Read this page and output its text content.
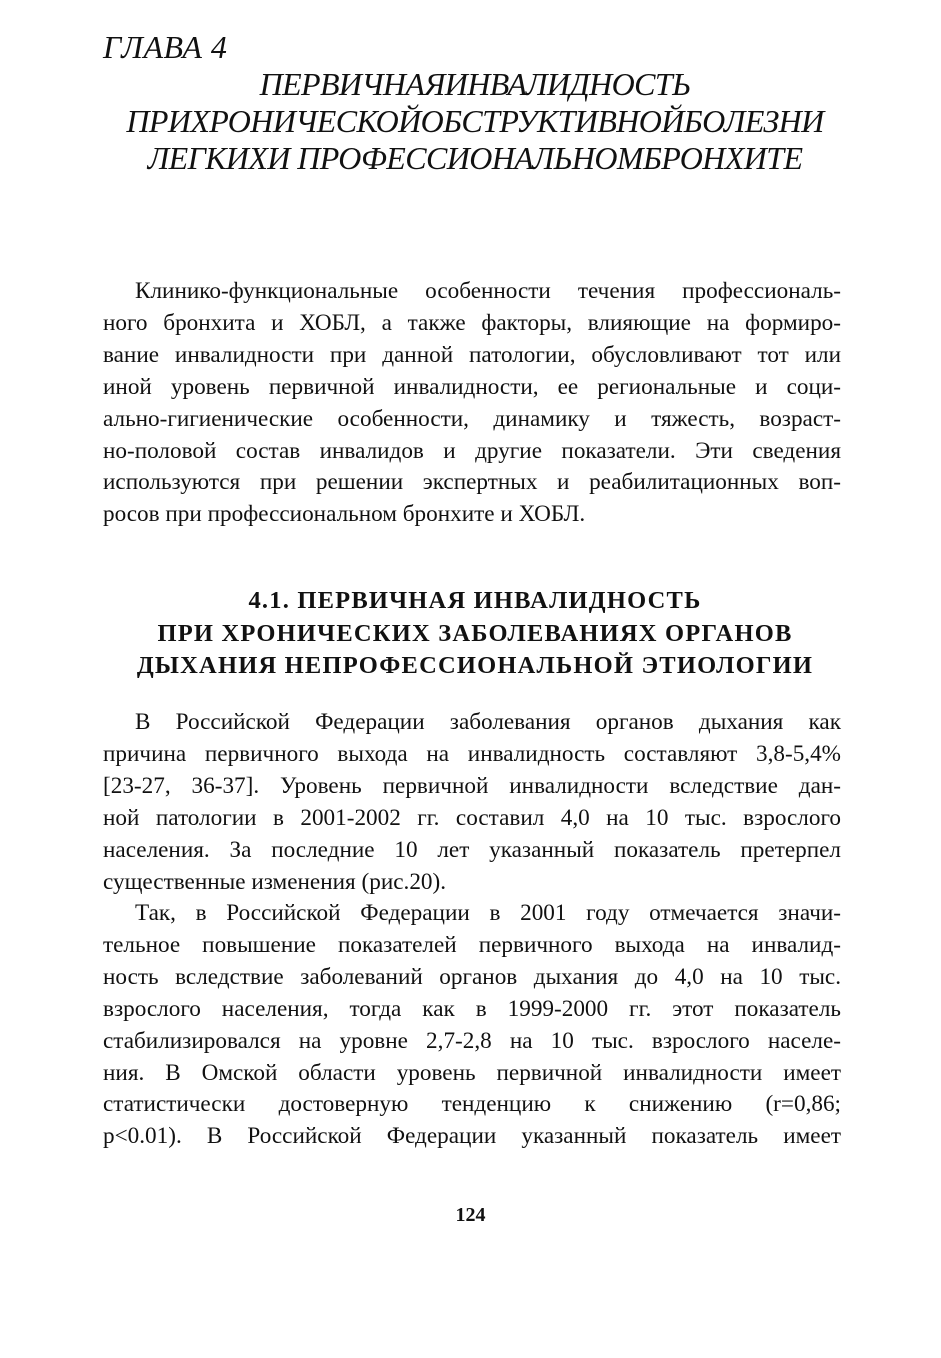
ГЛАВА 4
ПЕРВИЧНАЯИНВАЛИДНОСТЬ
ПРИХРОНИЧЕСКОЙОБСТРУКТИВНОЙБОЛЕЗНИ
ЛЕГКИХИ ПРОФЕССИОНАЛЬНОМБРОНХИТЕ
Клинико-функциональные особенности течения профессиональ-
ного бронхита и ХОБЛ, а также факторы, влияющие на формиро-
вание инвалидности при данной патологии, обусловливают тот или
иной уровень первичной инвалидности, ее региональные и соци-
ально-гигиенические особенности, динамику и тяжесть, возраст-
но-половой состав инвалидов и другие показатели. Эти сведения
используются при решении экспертных и реабилитационных воп-
росов при профессиональном бронхите и ХОБЛ.
4.1. ПЕРВИЧНАЯ ИНВАЛИДНОСТЬ
ПРИ ХРОНИЧЕСКИХ ЗАБОЛЕВАНИЯХ ОРГАНОВ
ДЫХАНИЯ НЕПРОФЕССИОНАЛЬНОЙ ЭТИОЛОГИИ
В Российской Федерации заболевания органов дыхания как
причина первичного выхода на инвалидность составляют 3,8-5,4%
[23-27, 36-37]. Уровень первичной инвалидности вследствие дан-
ной патологии в 2001-2002 гг. составил 4,0 на 10 тыс. взрослого
населения. За последние 10 лет указанный показатель претерпел
существенные изменения (рис.20).
Так, в Российской Федерации в 2001 году отмечается значи-
тельное повышение показателей первичного выхода на инвалид-
ность вследствие заболеваний органов дыхания до 4,0 на 10 тыс.
взрослого населения, тогда как в 1999-2000 гг. этот показатель
стабилизировался на уровне 2,7-2,8 на 10 тыс. взрослого населе-
ния. В Омской области уровень первичной инвалидности имеет
статистически достоверную тенденцию к снижению (r=0,86;
p<0.01). В Российской Федерации указанный показатель имеет
124
